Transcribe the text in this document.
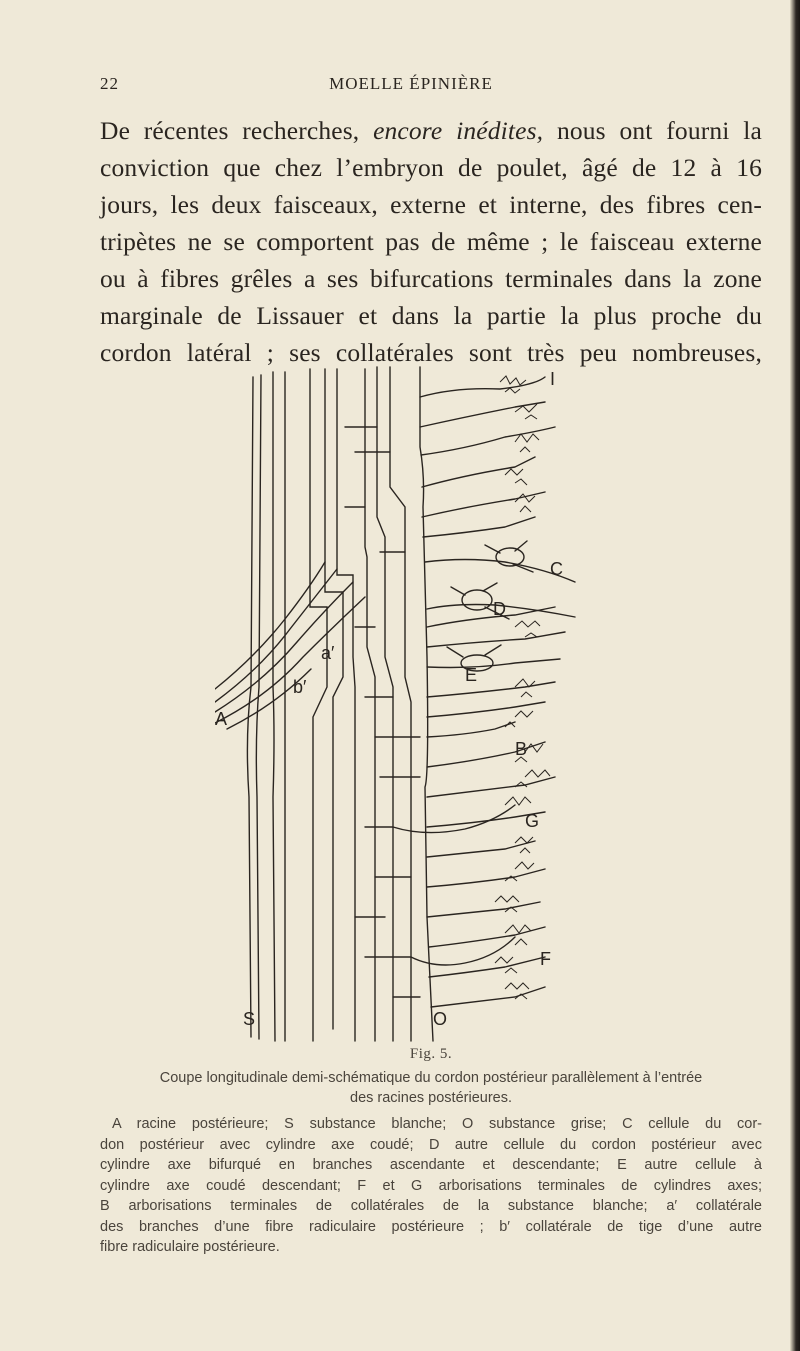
22	MOELLE ÉPINIÈRE
De récentes recherches, encore inédites, nous ont fourni la
conviction que chez l’embryon de poulet, âgé de 12 à 16
jours, les deux faisceaux, externe et interne, des fibres cen-
tripètes ne se comportent pas de même ; le faisceau externe
ou à fibres grêles a ses bifurcations terminales dans la zone
marginale de Lissauer et dans la partie la plus proche du
cordon latéral ; ses collatérales sont très peu nombreuses,
I
C
D
a′
b′
A
E
B
G
F
S	O
Fig. 5.
Coupe longitudinale demi-schématique du cordon postérieur parallèlement à l’entrée
des racines postérieures.
A racine postérieure; S substance blanche; O substance grise; C cellule du cor-
don postérieur avec cylindre axe coudé; D autre cellule du cordon postérieur avec
cylindre axe bifurqué en branches ascendante et descendante; E autre cellule à
cylindre axe coudé descendant; F et G arborisations terminales de cylindres axes;
B arborisations terminales de collatérales de la substance blanche; a′ collatérale
des branches d’une fibre radiculaire postérieure ; b′ collatérale de tige d’une autre
fibre radiculaire postérieure.
